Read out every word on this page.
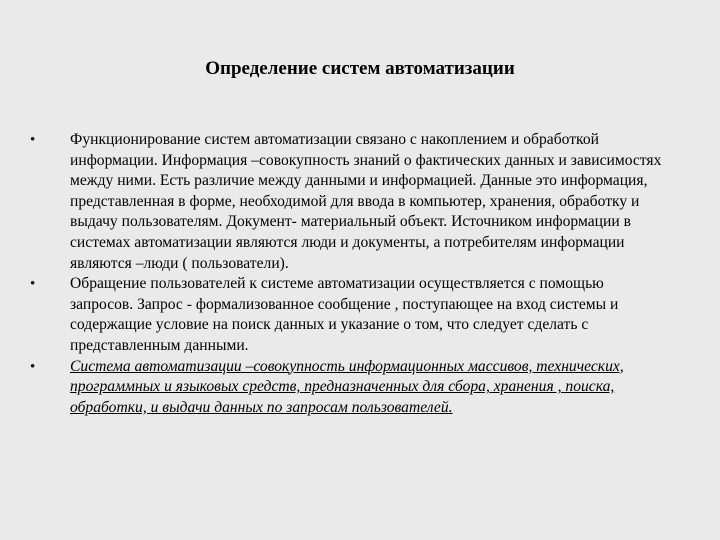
Определение систем автоматизации
•	Функционирование систем автоматизации связано с накоплением и обработкой информации. Информация –совокупность знаний о фактических данных и зависимостях между ними. Есть различие между данными и информацией. Данные это информация, представленная в форме, необходимой для ввода в компьютер, хранения, обработку и выдачу пользователям. Документ- материальный объект. Источником информации в системах автоматизации являются люди и документы, а потребителям информации являются –люди ( пользователи).
•	Обращение пользователей к системе автоматизации осуществляется с помощью запросов. Запрос - формализованное сообщение , поступающее на вход системы и содержащие условие на поиск данных и указание о том, что следует сделать с представленным данными.
•	Система автоматизации –совокупность информационных массивов, технических, программных и языковых средств, предназначенных для сбора, хранения , поиска, обработки, и выдачи данных по запросам пользователей.
